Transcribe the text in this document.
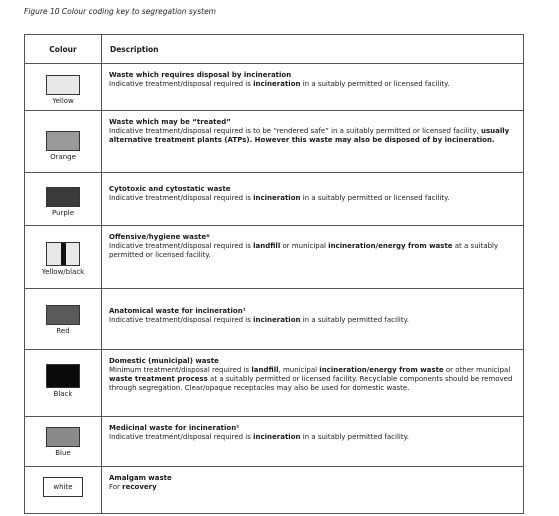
Figure 10 Colour coding key to segregation system
Colour	Description

Yellow	Waste which requires disposal by incineration
Indicative treatment/disposal required is incineration in a suitably permitted or licensed facility.

Orange	Waste which may be “treated”
Indicative treatment/disposal required is to be “rendered safe” in a suitably permitted or licensed facility, usually alternative treatment plants (ATPs). However this waste may also be disposed of by incineration.

Purple	Cytotoxic and cytostatic waste
Indicative treatment/disposal required is incineration in a suitably permitted or licensed facility.

Yellow/black	Offensive/hygiene waste*
Indicative treatment/disposal required is landfill or municipal incineration/energy from waste at a suitably permitted or licensed facility.

Red	Anatomical waste for incineration¹
Indicative treatment/disposal required is incineration in a suitably permitted facility.

Black	Domestic (municipal) waste
Minimum treatment/disposal required is landfill, municipal incineration/energy from waste or other municipal waste treatment process at a suitably permitted or licensed facility. Recyclable components should be removed through segregation. Clear/opaque receptacles may also be used for domestic waste.

Blue	Medicinal waste for incineration¹
Indicative treatment/disposal required is incineration in a suitably permitted facility.

white	Amalgam waste
For recovery
